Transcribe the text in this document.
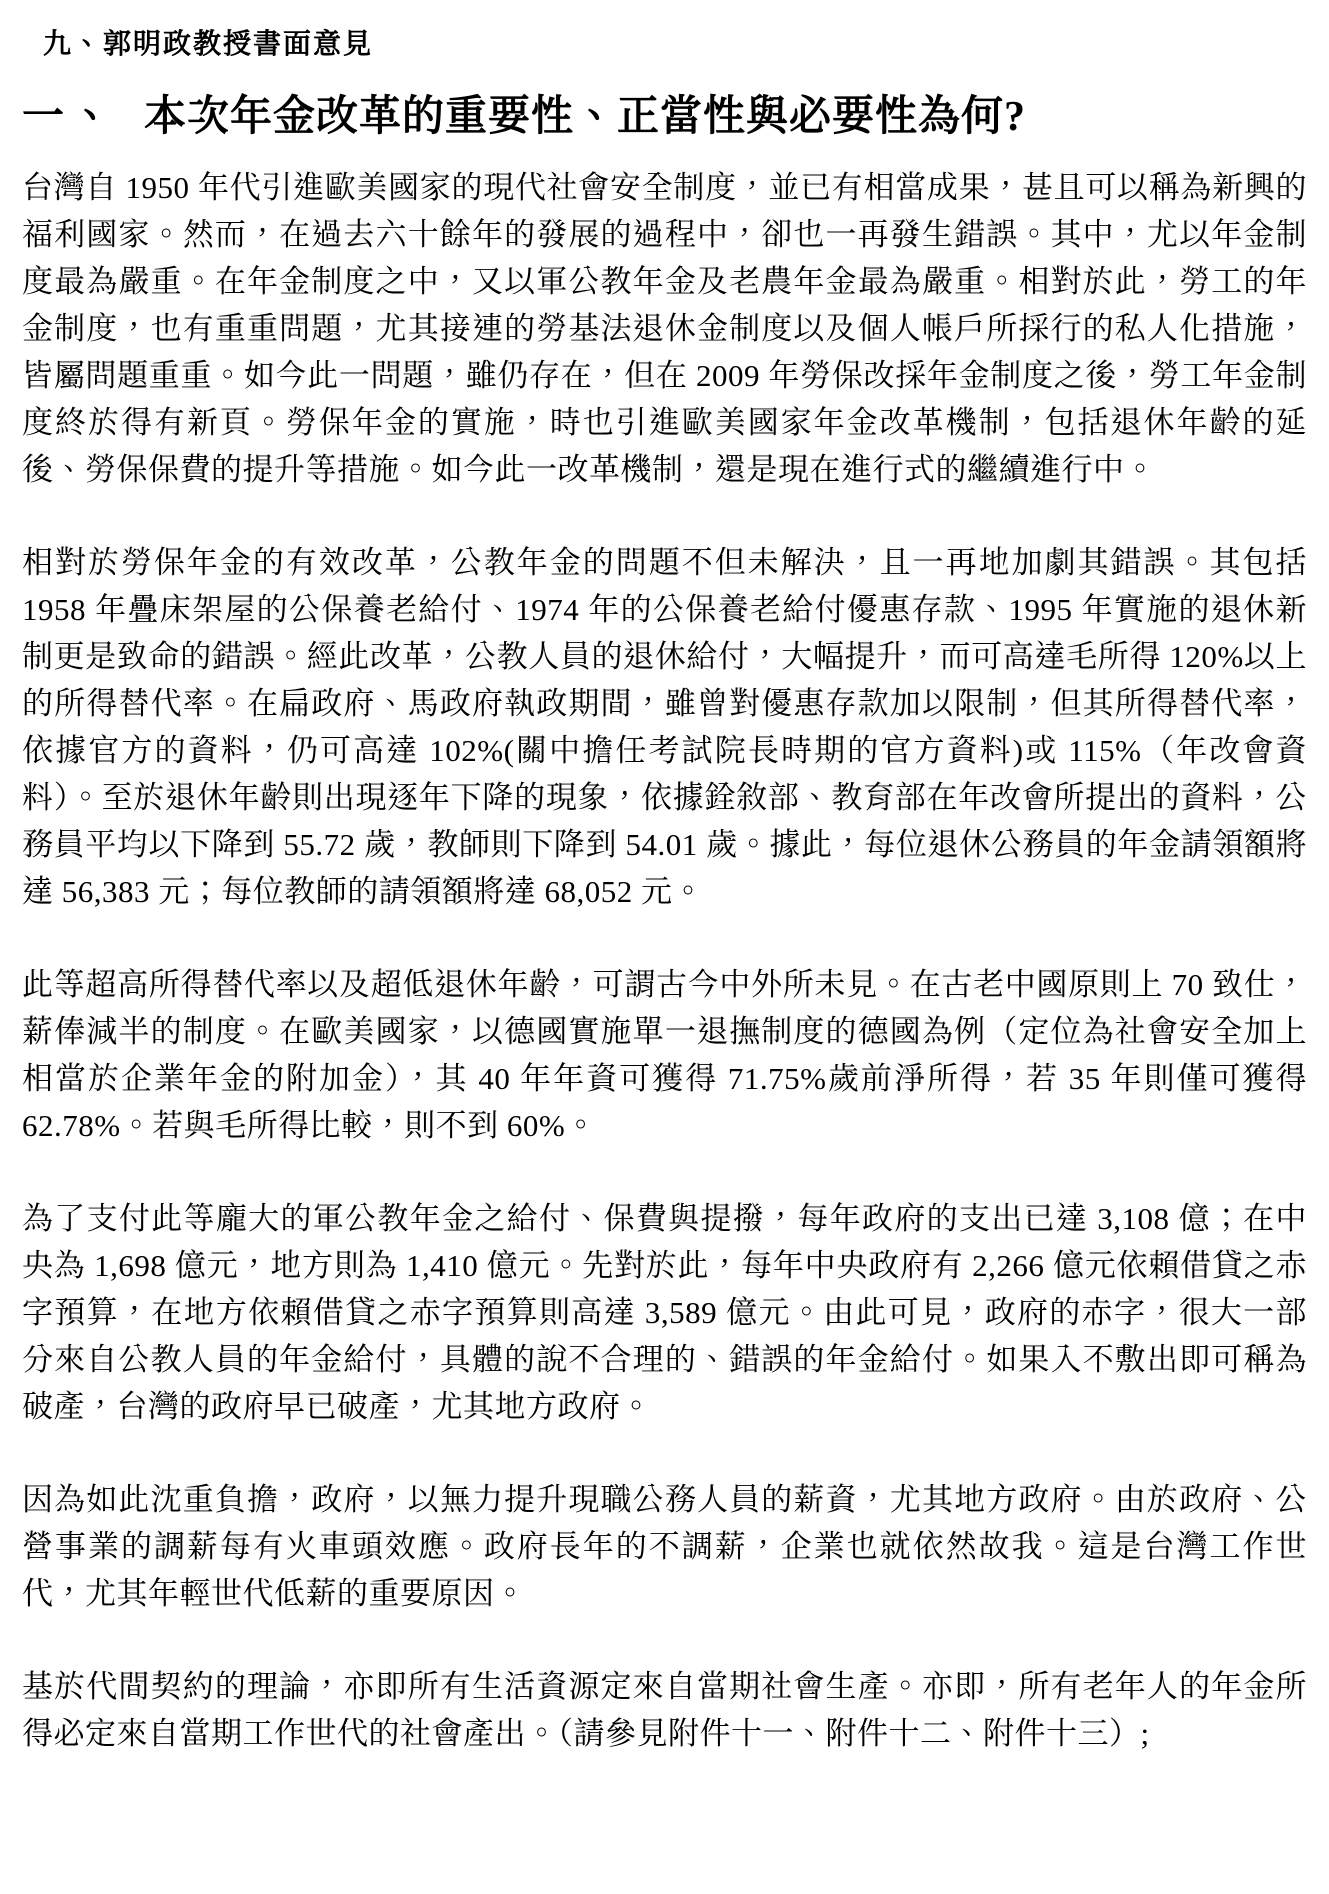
九、郭明政教授書面意見
一、 本次年金改革的重要性、正當性與必要性為何?

台灣自 1950 年代引進歐美國家的現代社會安全制度，並已有相當成果，甚且可以稱為新興的福利國家。然而，在過去六十餘年的發展的過程中，卻也一再發生錯誤。其中，尤以年金制度最為嚴重。在年金制度之中，又以軍公教年金及老農年金最為嚴重。相對於此，勞工的年金制度，也有重重問題，尤其接連的勞基法退休金制度以及個人帳戶所採行的私人化措施，皆屬問題重重。如今此一問題，雖仍存在，但在 2009 年勞保改採年金制度之後，勞工年金制度終於得有新頁。勞保年金的實施，時也引進歐美國家年金改革機制，包括退休年齡的延後、勞保保費的提升等措施。如今此一改革機制，還是現在進行式的繼續進行中。

相對於勞保年金的有效改革，公教年金的問題不但未解決，且一再地加劇其錯誤。其包括 1958 年疊床架屋的公保養老給付、1974 年的公保養老給付優惠存款、1995 年實施的退休新制更是致命的錯誤。經此改革，公教人員的退休給付，大幅提升，而可高達毛所得 120%以上的所得替代率。在扁政府、馬政府執政期間，雖曾對優惠存款加以限制，但其所得替代率，依據官方的資料，仍可高達 102%(關中擔任考試院長時期的官方資料)或 115%（年改會資料）。至於退休年齡則出現逐年下降的現象，依據銓敘部、教育部在年改會所提出的資料，公務員平均以下降到 55.72 歲，教師則下降到 54.01 歲。據此，每位退休公務員的年金請領額將達 56,383 元；每位教師的請領額將達 68,052 元。

此等超高所得替代率以及超低退休年齡，可謂古今中外所未見。在古老中國原則上 70 致仕，薪俸減半的制度。在歐美國家，以德國實施單一退撫制度的德國為例（定位為社會安全加上相當於企業年金的附加金），其 40 年年資可獲得 71.75%歲前淨所得，若 35 年則僅可獲得 62.78%。若與毛所得比較，則不到 60%。

為了支付此等龐大的軍公教年金之給付、保費與提撥，每年政府的支出已達 3,108 億；在中央為 1,698 億元，地方則為 1,410 億元。先對於此，每年中央政府有 2,266 億元依賴借貸之赤字預算，在地方依賴借貸之赤字預算則高達 3,589 億元。由此可見，政府的赤字，很大一部分來自公教人員的年金給付，具體的說不合理的、錯誤的年金給付。如果入不敷出即可稱為破產，台灣的政府早已破產，尤其地方政府。

因為如此沈重負擔，政府，以無力提升現職公務人員的薪資，尤其地方政府。由於政府、公營事業的調薪每有火車頭效應。政府長年的不調薪，企業也就依然故我。這是台灣工作世代，尤其年輕世代低薪的重要原因。

基於代間契約的理論，亦即所有生活資源定來自當期社會生產。亦即，所有老年人的年金所得必定來自當期工作世代的社會產出。（請參見附件十一、附件十二、附件十三）;
